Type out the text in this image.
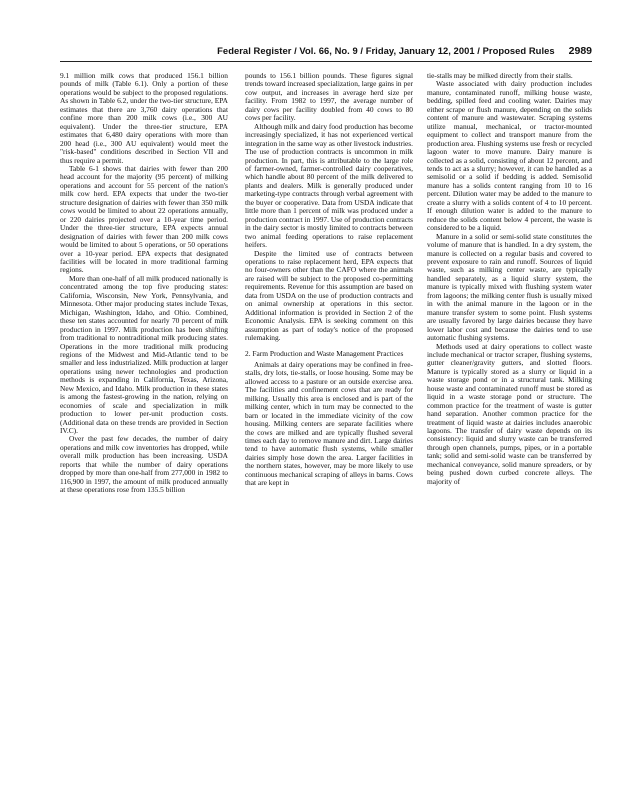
Federal Register / Vol. 66, No. 9 / Friday, January 12, 2001 / Proposed Rules 2989

9.1 million milk cows that produced 156.1 billion pounds of milk (Table 6.1). Only a portion of these operations would be subject to the proposed regulations. As shown in Table 6.2, under the two-tier structure, EPA estimates that there are 3,760 dairy operations that confine more than 200 milk cows (i.e., 300 AU equivalent). Under the three-tier structure, EPA estimates that 6,480 dairy operations with more than 200 head (i.e., 300 AU equivalent) would meet the "risk-based" conditions described in Section VII and thus require a permit.

Table 6-1 shows that dairies with fewer than 200 head account for the majority (95 percent) of milking operations and account for 55 percent of the nation's milk cow herd. EPA expects that under the two-tier structure designation of dairies with fewer than 350 milk cows would be limited to about 22 operations annually, or 220 dairies projected over a 10-year time period. Under the three-tier structure, EPA expects annual designation of dairies with fewer than 200 milk cows would be limited to about 5 operations, or 50 operations over a 10-year period. EPA expects that designated facilities will be located in more traditional farming regions.

More than one-half of all milk produced nationally is concentrated among the top five producing states: California, Wisconsin, New York, Pennsylvania, and Minnesota. Other major producing states include Texas, Michigan, Washington, Idaho, and Ohio. Combined, these ten states accounted for nearly 70 percent of milk production in 1997. Milk production has been shifting from traditional to nontraditional milk producing states. Operations in the more traditional milk producing regions of the Midwest and Mid-Atlantic tend to be smaller and less industrialized. Milk production at larger operations using newer technologies and production methods is expanding in California, Texas, Arizona, New Mexico, and Idaho. Milk production in these states is among the fastest-growing in the nation, relying on economies of scale and specialization in milk production to lower per-unit production costs. (Additional data on these trends are provided in Section IV.C).

Over the past few decades, the number of dairy operations and milk cow inventories has dropped, while overall milk production has been increasing. USDA reports that while the number of dairy operations dropped by more than one-half from 277,000 in 1982 to 116,900 in 1997, the amount of milk produced annually at these operations rose from 135.5 billion

pounds to 156.1 billion pounds. These figures signal trends toward increased specialization, large gains in per cow output, and increases in average herd size per facility. From 1982 to 1997, the average number of dairy cows per facility doubled from 40 cows to 80 cows per facility.

Although milk and dairy food production has become increasingly specialized, it has not experienced vertical integration in the same way as other livestock industries. The use of production contracts is uncommon in milk production. In part, this is attributable to the large role of farmer-owned, farmer-controlled dairy cooperatives, which handle about 80 percent of the milk delivered to plants and dealers. Milk is generally produced under marketing-type contracts through verbal agreement with the buyer or cooperative. Data from USDA indicate that little more than 1 percent of milk was produced under a production contract in 1997. Use of production contracts in the dairy sector is mostly limited to contracts between two animal feeding operations to raise replacement heifers.

Despite the limited use of contracts between operations to raise replacement herd, EPA expects that no four-owners other than the CAFO where the animals are raised will be subject to the proposed co-permitting requirements. Revenue for this assumption are based on data from USDA on the use of production contracts and on animal ownership at operations in this sector. Additional information is provided in Section 2 of the Economic Analysis. EPA is seeking comment on this assumption as part of today's notice of the proposed rulemaking.

2. Farm Production and Waste Management Practices

Animals at dairy operations may be confined in free-stalls, dry lots, tie-stalls, or loose housing. Some may be allowed access to a pasture or an outside exercise area. The facilities and confinement cows that are ready for milking. Usually this area is enclosed and is part of the milking center, which in turn may be connected to the barn or located in the immediate vicinity of the cow housing. Milking centers are separate facilities where the cows are milked and are typically flushed several times each day to remove manure and dirt. Large dairies tend to have automatic flush systems, while smaller dairies simply hose down the area. Larger facilities in the northern states, however, may be more likely to use continuous mechanical scraping of alleys in barns. Cows that are kept in

tie-stalls may be milked directly from their stalls.

Waste associated with dairy production includes manure, contaminated runoff, milking house waste, bedding, spilled feed and cooling water. Dairies may either scrape or flush manure, depending on the solids content of manure and wastewater. Scraping systems utilize manual, mechanical, or tractor-mounted equipment to collect and transport manure from the production area. Flushing systems use fresh or recycled lagoon water to move manure. Dairy manure is collected as a solid, consisting of about 12 percent, and tends to act as a slurry; however, it can be handled as a semisolid or a solid if bedding is added. Semisolid manure has a solids content ranging from 10 to 16 percent. Dilution water may be added to the manure to create a slurry with a solids content of 4 to 10 percent. If enough dilution water is added to the manure to reduce the solids content below 4 percent, the waste is considered to be a liquid.

Manure in a solid or semi-solid state constitutes the volume of manure that is handled. In a dry system, the manure is collected on a regular basis and covered to prevent exposure to rain and runoff. Sources of liquid waste, such as milking center waste, are typically handled separately, as a liquid slurry system, the manure is typically mixed with flushing system water from lagoons; the milking center flush is usually mixed in with the animal manure in the lagoon or in the manure transfer system to some point. Flush systems are usually favored by large dairies because they have lower labor cost and because the dairies tend to use automatic flushing systems.

Methods used at dairy operations to collect waste include mechanical or tractor scraper, flushing systems, gutter cleaner/gravity gutters, and slotted floors. Manure is typically stored as a slurry or liquid in a waste storage pond or in a structural tank. Milking house waste and contaminated runoff must be stored as liquid in a waste storage pond or structure. The common practice for the treatment of waste is gutter hand separation. Another common practice for the treatment of liquid waste at dairies includes anaerobic lagoons. The transfer of dairy waste depends on its consistency: liquid and slurry waste can be transferred through open channels, pumps, pipes, or in a portable tank; solid and semi-solid waste can be transferred by mechanical conveyance, solid manure spreaders, or by being pushed down curbed concrete alleys. The majority of
